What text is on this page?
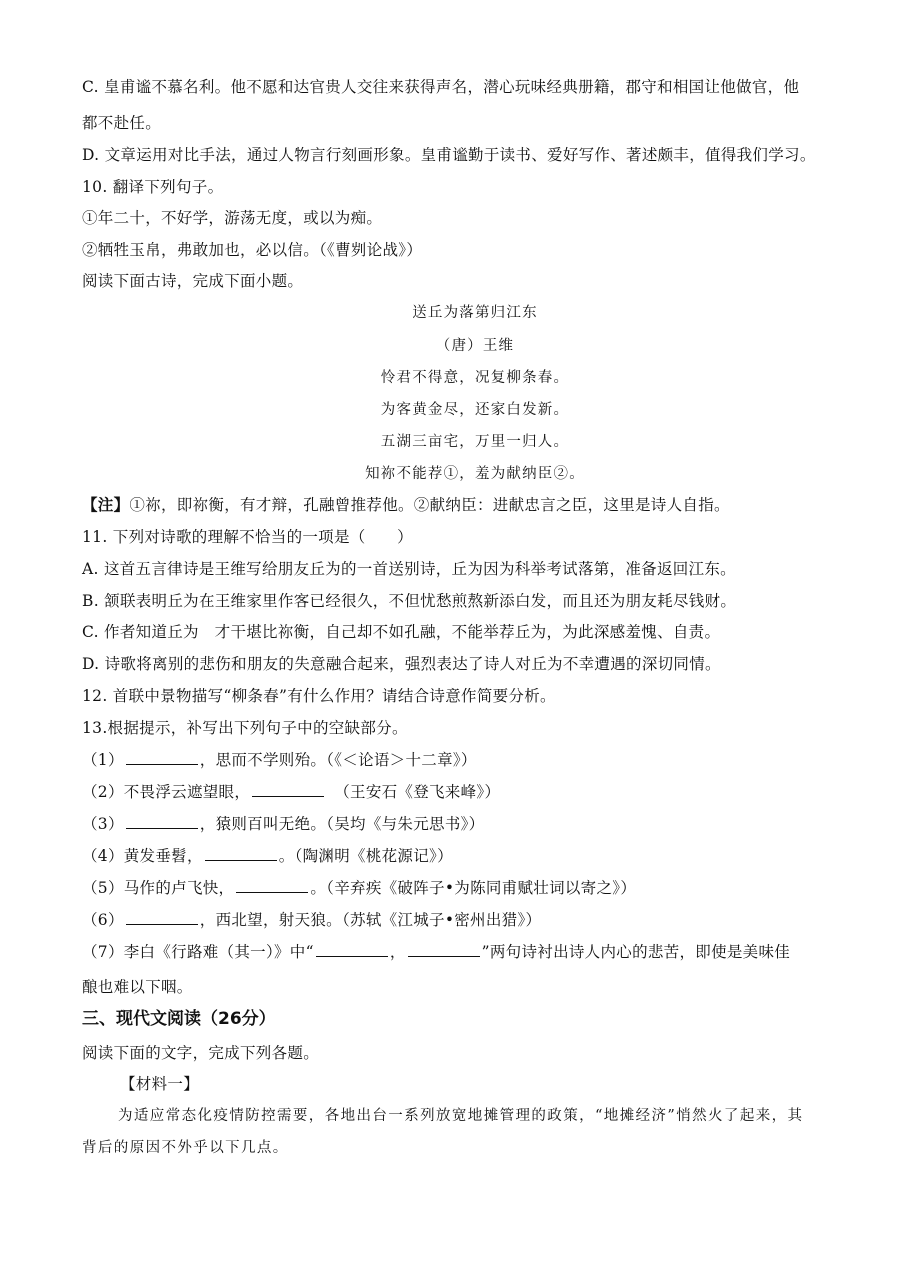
C. 皇甫谧不慕名利。他不愿和达官贵人交往来获得声名，潜心玩味经典册籍，郡守和相国让他做官，他
都不赴任。
D. 文章运用对比手法，通过人物言行刻画形象。皇甫谧勤于读书、爱好写作、著述颇丰，值得我们学习。
10. 翻译下列句子。
①年二十，不好学，游荡无度，或以为痴。
②牺牲玉帛，弗敢加也，必以信。（《曹刿论战》）
阅读下面古诗，完成下面小题。
送丘为落第归江东
（唐）王维
怜君不得意，况复柳条春。
为客黄金尽，还家白发新。
五湖三亩宅，万里一归人。
知祢不能荐①，羞为献纳臣②。
【注】①祢，即祢衡，有才辩，孔融曾推荐他。②献纳臣：进献忠言之臣，这里是诗人自指。
11. 下列对诗歌的理解不恰当的一项是（　　）
A. 这首五言律诗是王维写给朋友丘为的一首送别诗，丘为因为科举考试落第，准备返回江东。
B. 颔联表明丘为在王维家里作客已经很久，不但忧愁煎熬新添白发，而且还为朋友耗尽钱财。
C. 作者知道丘为　才干堪比祢衡，自己却不如孔融，不能举荐丘为，为此深感羞愧、自责。
D. 诗歌将离别的悲伤和朋友的失意融合起来，强烈表达了诗人对丘为不幸遭遇的深切同情。
12. 首联中景物描写“柳条春”有什么作用？请结合诗意作简要分析。
13.根据提示，补写出下列句子中的空缺部分。
（1）	，思而不学则殆。（《＜论语＞十二章》）
（2）不畏浮云遮望眼，	　（王安石《登飞来峰》）
（3）	，猿则百叫无绝。（吴均《与朱元思书》）
（4）黄发垂髫，	。（陶渊明《桃花源记》）
（5）马作的卢飞快，	。（辛弃疾《破阵子•为陈同甫赋壮词以寄之》）
（6）	，西北望，射天狼。（苏轼《江城子•密州出猎》）
（7）李白《行路难（其一）》中“	，	”两句诗衬出诗人内心的悲苦，即使是美味佳
酿也难以下咽。
三、现代文阅读（26分）
阅读下面的文字，完成下列各题。
【材料一】
为适应常态化疫情防控需要，各地出台一系列放宽地摊管理的政策，“地摊经济”悄然火了起来，其
背后的原因不外乎以下几点。
